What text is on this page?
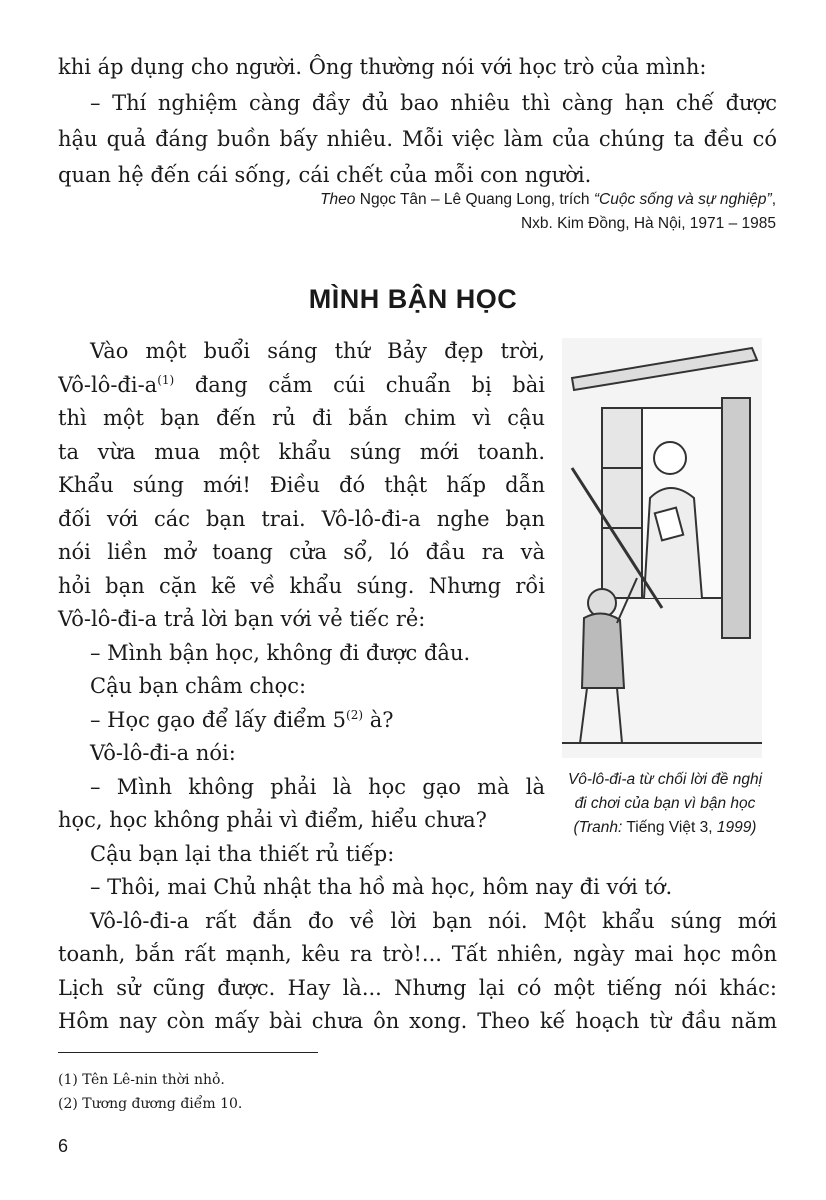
khi áp dụng cho người. Ông thường nói với học trò của mình:
– Thí nghiệm càng đầy đủ bao nhiêu thì càng hạn chế được
hậu quả đáng buồn bấy nhiêu. Mỗi việc làm của chúng ta đều có
quan hệ đến cái sống, cái chết của mỗi con người.
Theo Ngọc Tân – Lê Quang Long, trích “Cuộc sống và sự nghiệp”,
Nxb. Kim Đồng, Hà Nội, 1971 – 1985
MÌNH BẬN HỌC
Vào một buổi sáng thứ Bảy đẹp trời,
$Vô-lô-đi-a^{(1)}$ đang cắm cúi chuẩn bị bài
thì một bạn đến rủ đi bắn chim vì cậu
ta vừa mua một khẩu súng mới toanh.
Khẩu súng mới! Điều đó thật hấp dẫn
đối với các bạn trai. Vô-lô-đi-a nghe bạn
nói liền mở toang cửa sổ, ló đầu ra và
hỏi bạn cặn kẽ về khẩu súng. Nhưng rồi
Vô-lô-đi-a trả lời bạn với vẻ tiếc rẻ:
– Mình bận học, không đi được đâu.
Cậu bạn châm chọc:
– Học gạo để lấy điểm 5$^{(2)}$ à?
Vô-lô-đi-a nói:
– Mình không phải là học gạo mà là
học, học không phải vì điểm, hiểu chưa?
Cậu bạn lại tha thiết rủ tiếp:
– Thôi, mai Chủ nhật tha hồ mà học, hôm nay đi với tớ.
Vô-lô-đi-a rất đắn đo về lời bạn nói. Một khẩu súng mới
toanh, bắn rất mạnh, kêu ra trò!... Tất nhiên, ngày mai học môn
Lịch sử cũng được. Hay là... Nhưng lại có một tiếng nói khác:
Hôm nay còn mấy bài chưa ôn xong. Theo kế hoạch từ đầu năm
Vô-lô-đi-a từ chối lời đề nghị
đi chơi của bạn vì bận học
(Tranh: Tiếng Việt 3, 1999)
(1) Tên Lê-nin thời nhỏ.
(2) Tương đương điểm 10.
6
